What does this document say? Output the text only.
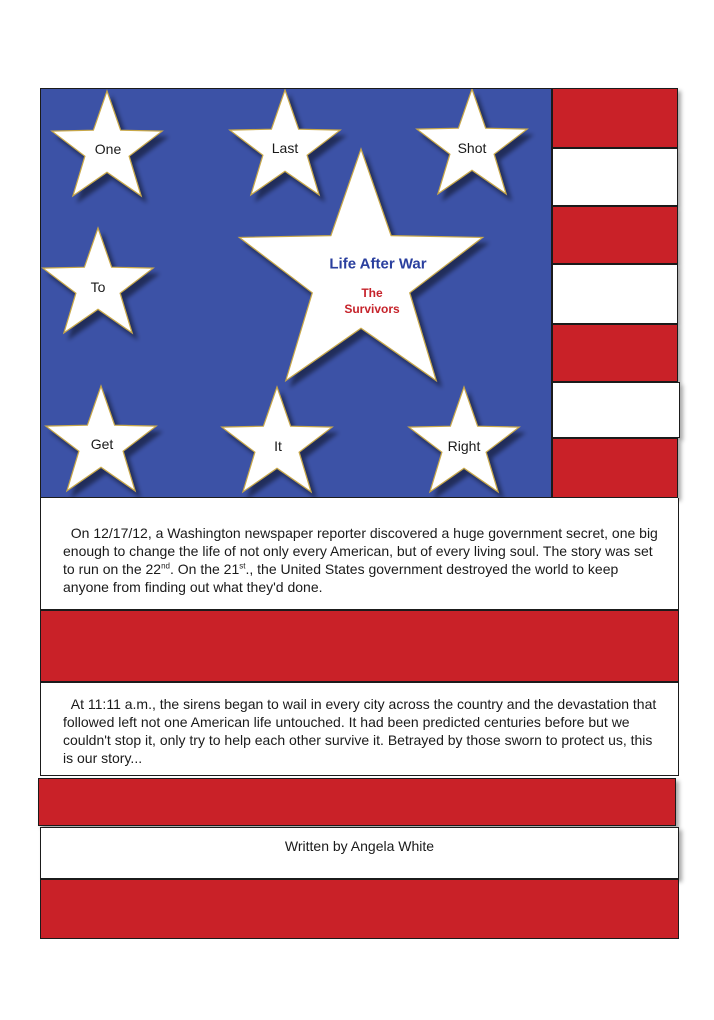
One	Last	Shot
To
Get	It	Right
Life After War
The
Survivors

On 12/17/12, a Washington newspaper reporter discovered a huge government secret, one big enough to change the life of not only every American, but of every living soul. The story was set to run on the 22nd. On the 21st., the United States government destroyed the world to keep anyone from finding out what they'd done.

At 11:11 a.m., the sirens began to wail in every city across the country and the devastation that followed left not one American life untouched. It had been predicted centuries before but we couldn't stop it, only try to help each other survive it. Betrayed by those sworn to protect us, this is our story...

Written by Angela White
